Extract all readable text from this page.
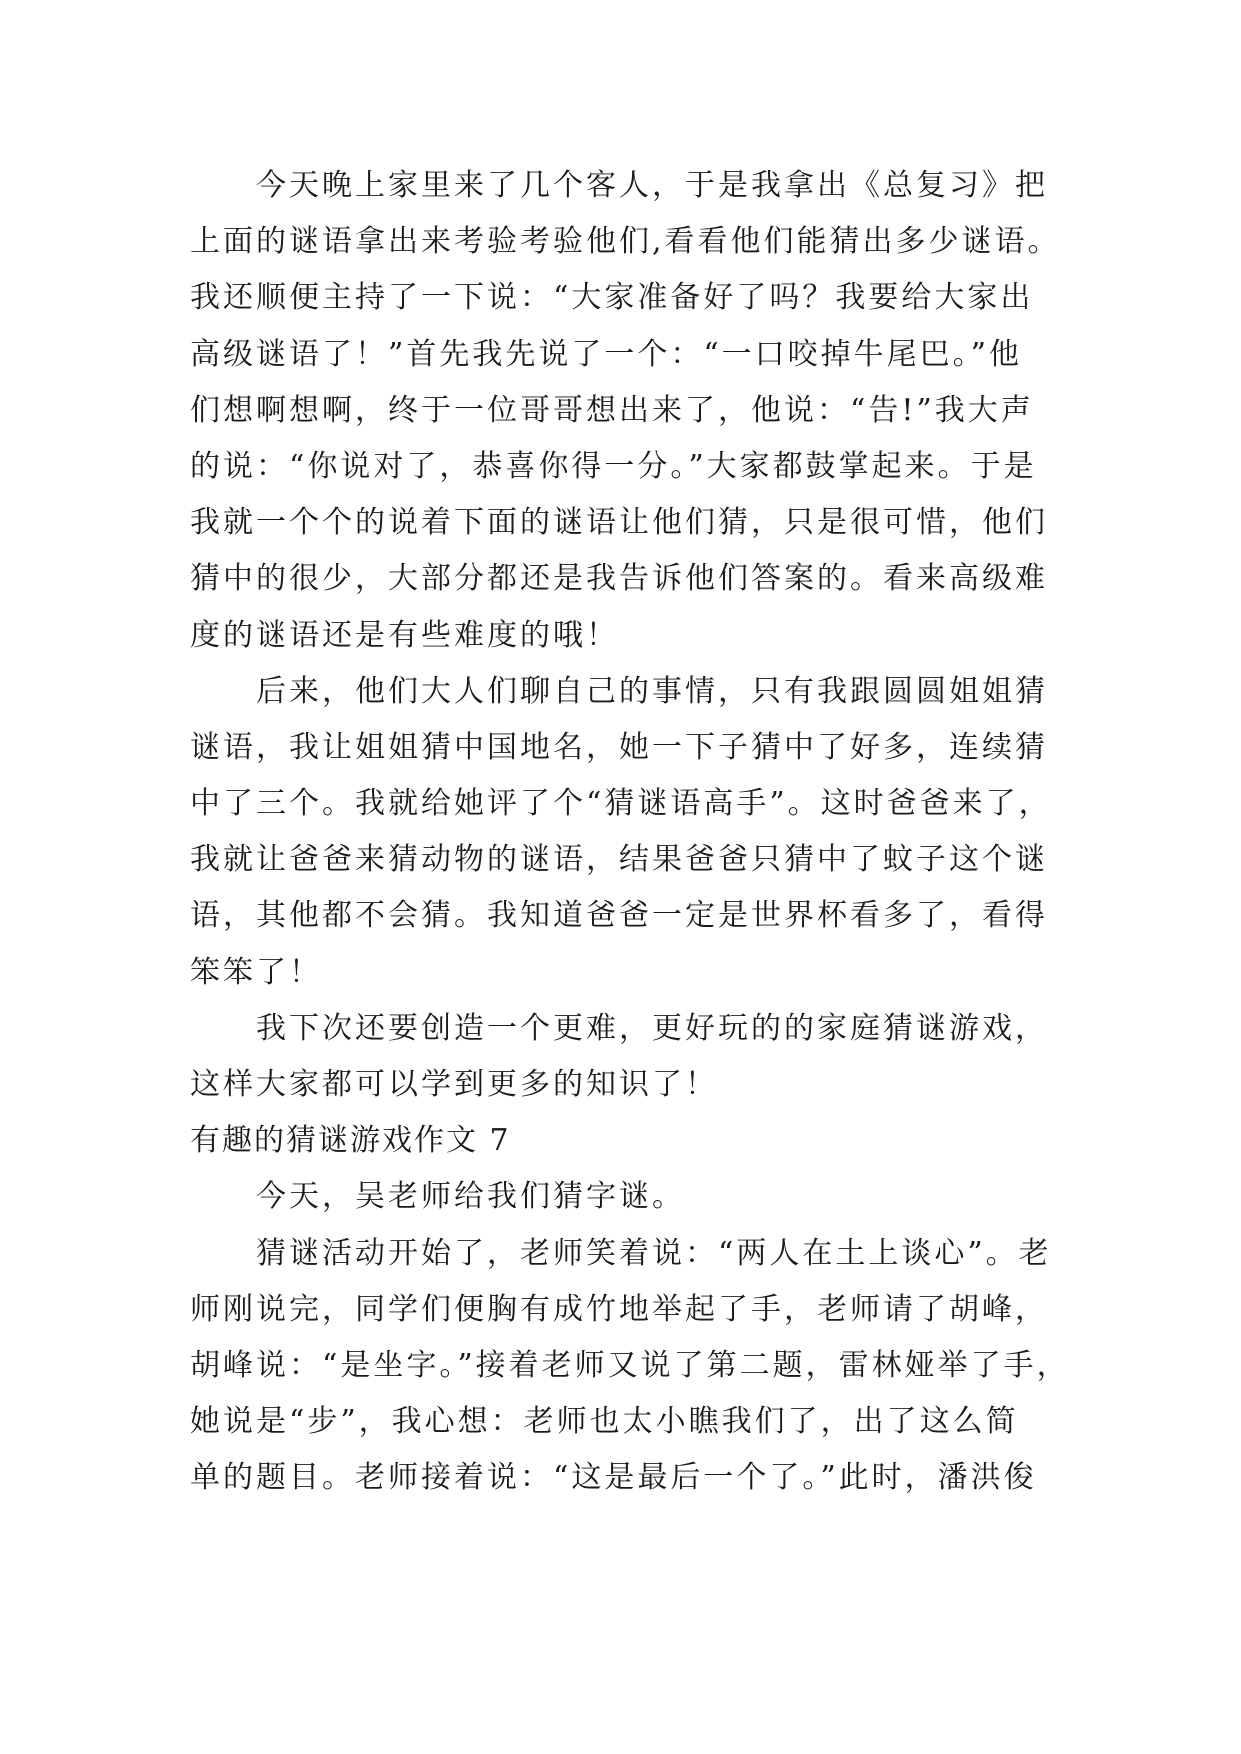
今天晚上家里来了几个客人，于是我拿出《总复习》把
上面的谜语拿出来考验考验他们,看看他们能猜出多少谜语。
我还顺便主持了一下说：“大家准备好了吗？我要给大家出
高级谜语了！”首先我先说了一个：“一口咬掉牛尾巴。”他
们想啊想啊，终于一位哥哥想出来了，他说：“告!”我大声
的说：“你说对了，恭喜你得一分。”大家都鼓掌起来。于是
我就一个个的说着下面的谜语让他们猜，只是很可惜，他们
猜中的很少，大部分都还是我告诉他们答案的。看来高级难
度的谜语还是有些难度的哦！
后来，他们大人们聊自己的事情，只有我跟圆圆姐姐猜
谜语，我让姐姐猜中国地名，她一下子猜中了好多，连续猜
中了三个。我就给她评了个“猜谜语高手”。这时爸爸来了，
我就让爸爸来猜动物的谜语，结果爸爸只猜中了蚊子这个谜
语，其他都不会猜。我知道爸爸一定是世界杯看多了，看得
笨笨了！
我下次还要创造一个更难，更好玩的的家庭猜谜游戏，
这样大家都可以学到更多的知识了！
有趣的猜谜游戏作文 7
今天，吴老师给我们猜字谜。
猜谜活动开始了，老师笑着说：“两人在土上谈心”。老
师刚说完，同学们便胸有成竹地举起了手，老师请了胡峰，
胡峰说：“是坐字。”接着老师又说了第二题，雷林娅举了手，
她说是“步”，我心想：老师也太小瞧我们了，出了这么简
单的题目。老师接着说：“这是最后一个了。”此时，潘洪俊
